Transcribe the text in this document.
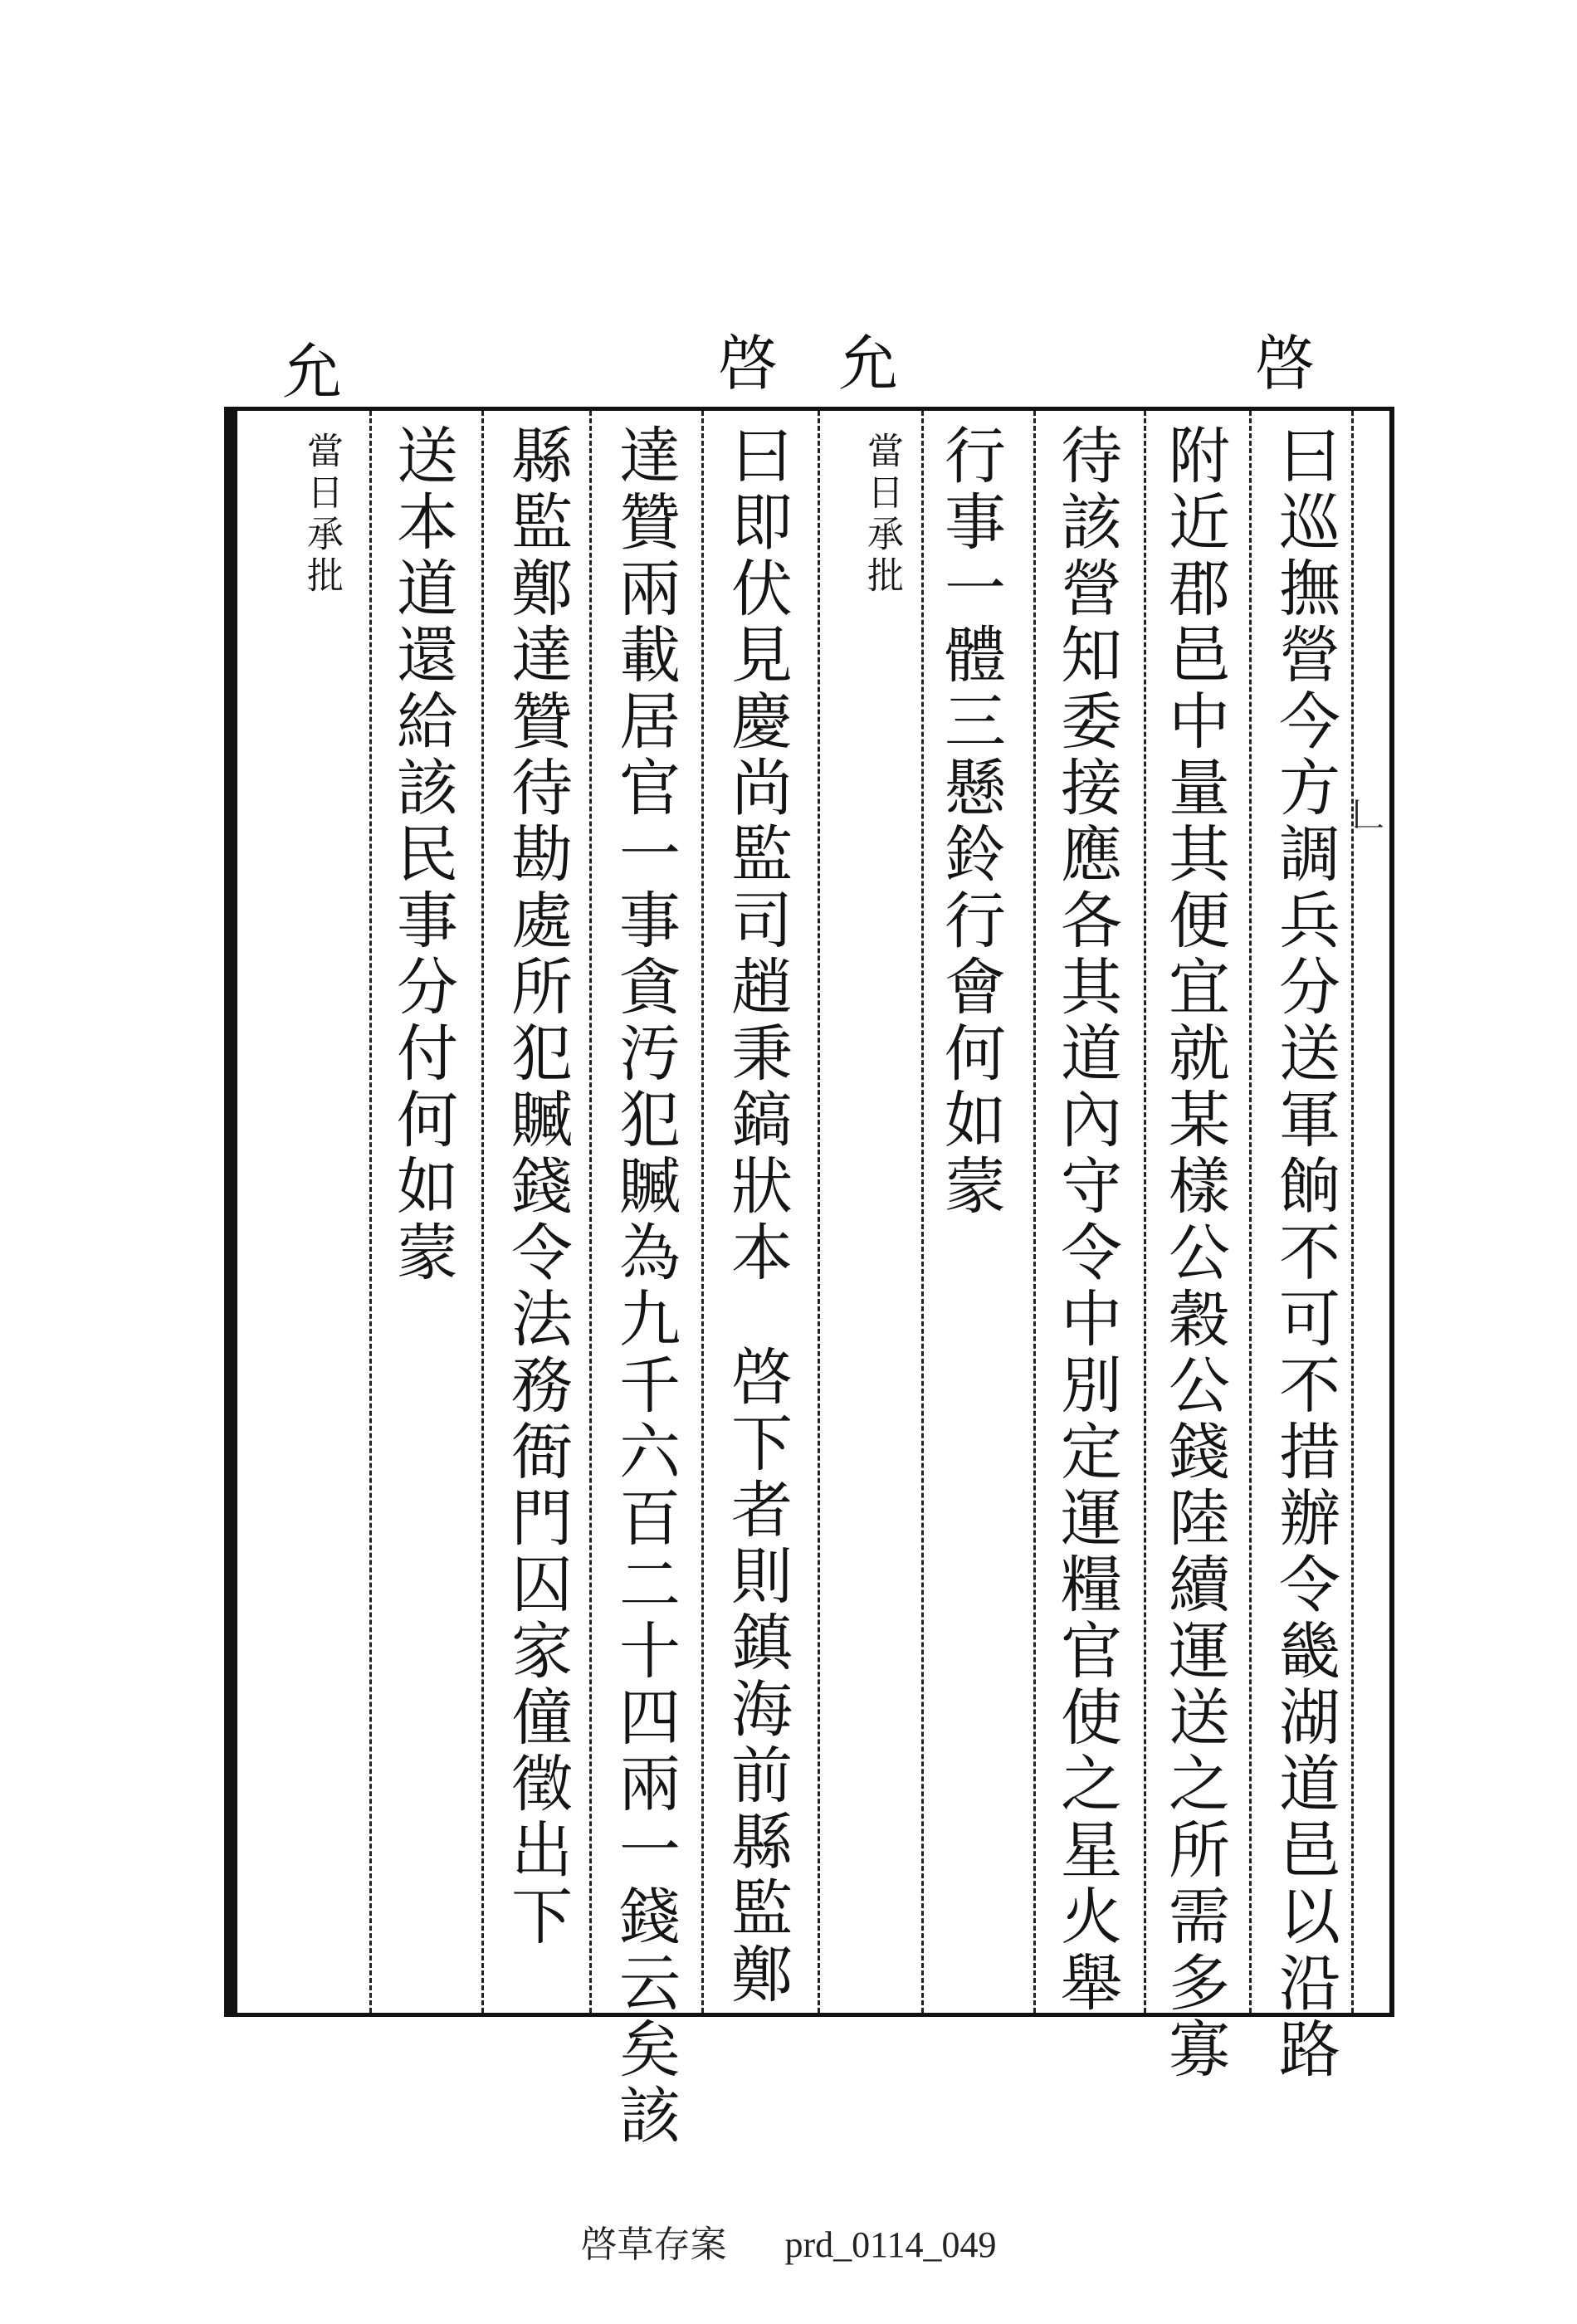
啓
允
啓
允
曰巡撫營今方調兵分送軍餉不可不措辦令畿湖道邑以沿路
附近郡邑中量其便宜就某樣公穀公錢陸續運送之所需多寡
待該營知委接應各其道內守令中別定運糧官使之星火舉
行事一體三懸鈴行會何如蒙
當日承批
曰即伏見慶尚監司趙秉鎬狀本啓下者則鎮海前縣監鄭
達贊兩載居官一事貪汚犯贓為九千六百二十四兩一錢云矣該
縣監鄭達贊待勘處所犯贓錢令法務衙門囚家僮徵出下
送本道還給該民事分付何如蒙
當日承批
𠃊
啓草存案 prd_0114_049
